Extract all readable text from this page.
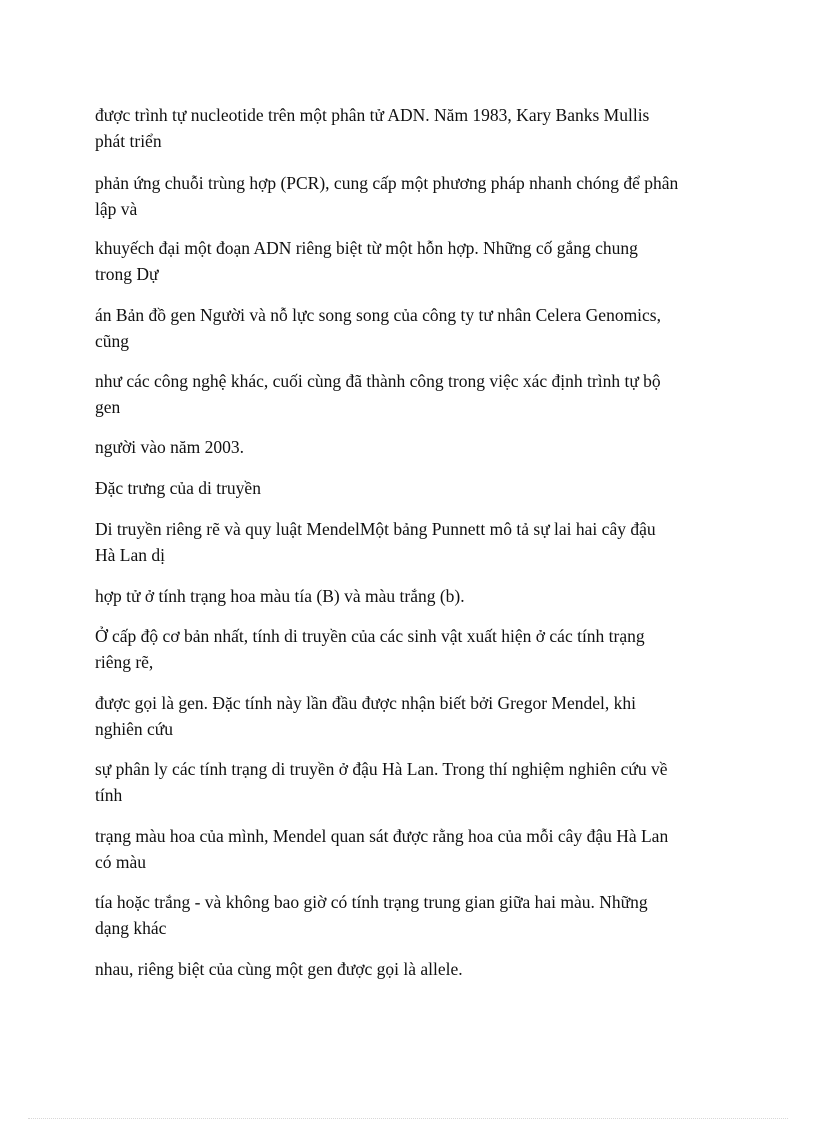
được trình tự nucleotide trên một phân tử ADN. Năm 1983, Kary Banks Mullis
phát triển

phản ứng chuỗi trùng hợp (PCR), cung cấp một phương pháp nhanh chóng để phân
lập và

khuyếch đại một đoạn ADN riêng biệt từ một hỗn hợp. Những cố gắng chung
trong Dự

án Bản đồ gen Người và nỗ lực song song của công ty tư nhân Celera Genomics,
cũng

như các công nghệ khác, cuối cùng đã thành công trong việc xác định trình tự bộ
gen

người vào năm 2003.

Đặc trưng của di truyền

Di truyền riêng rẽ và quy luật MendelMột bảng Punnett mô tả sự lai hai cây đậu
Hà Lan dị

hợp tử ở tính trạng hoa màu tía (B) và màu trắng (b).

Ở cấp độ cơ bản nhất, tính di truyền của các sinh vật xuất hiện ở các tính trạng
riêng rẽ,

được gọi là gen. Đặc tính này lần đầu được nhận biết bởi Gregor Mendel, khi
nghiên cứu

sự phân ly các tính trạng di truyền ở đậu Hà Lan. Trong thí nghiệm nghiên cứu về
tính

trạng màu hoa của mình, Mendel quan sát được rằng hoa của mỗi cây đậu Hà Lan
có màu

tía hoặc trắng - và không bao giờ có tính trạng trung gian giữa hai màu. Những
dạng khác

nhau, riêng biệt của cùng một gen được gọi là allele.
